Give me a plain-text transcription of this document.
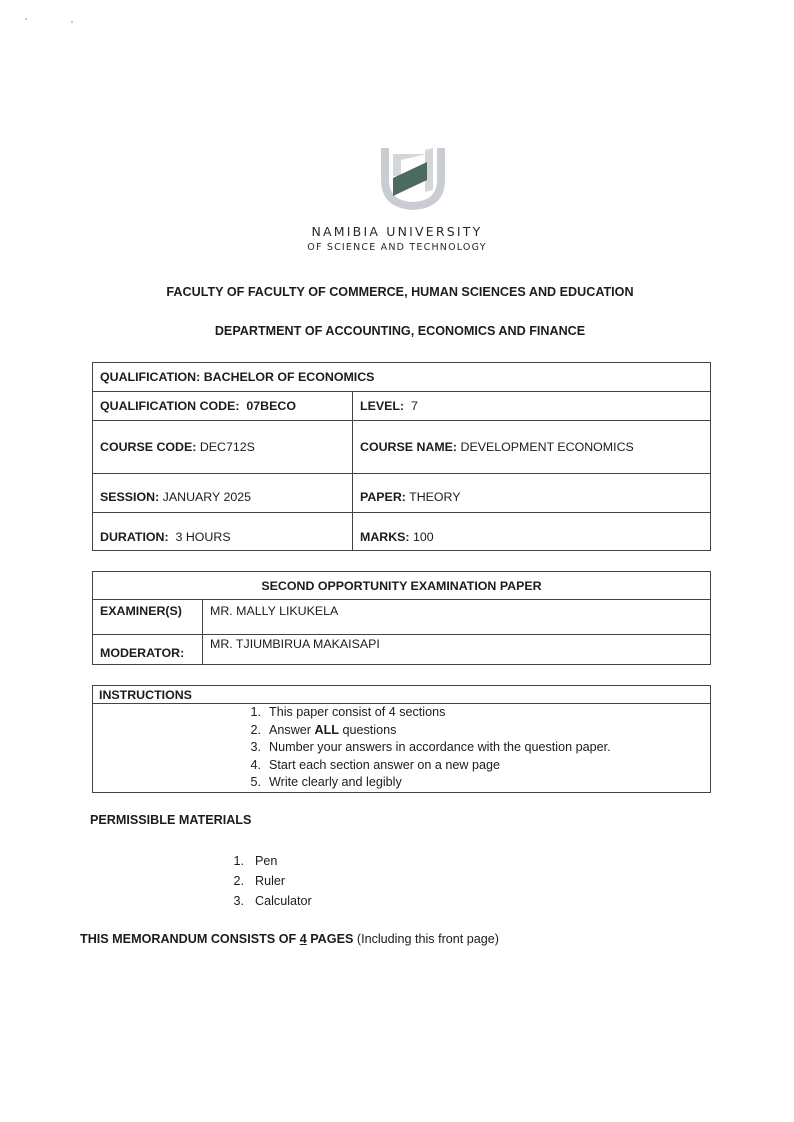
NAMIBIA UNIVERSITY
OF SCIENCE AND TECHNOLOGY
FACULTY OF FACULTY OF COMMERCE, HUMAN SCIENCES AND EDUCATION
DEPARTMENT OF ACCOUNTING, ECONOMICS AND FINANCE
QUALIFICATION: BACHELOR OF ECONOMICS	
QUALIFICATION CODE: 07BECO	LEVEL: 7
COURSE CODE: DEC712S	COURSE NAME: DEVELOPMENT ECONOMICS
SESSION: JANUARY 2025	PAPER: THEORY
DURATION: 3 HOURS	MARKS: 100
SECOND OPPORTUNITY EXAMINATION PAPER	
EXAMINER(S)	MR. MALLY LIKUKELA
MODERATOR:	MR. TJIUMBIRUA MAKAISAPI
INSTRUCTIONS

1. This paper consist of 4 sections
2. Answer ALL questions
3. Number your answers in accordance with the question paper.
4. Start each section answer on a new page
5. Write clearly and legibly
PERMISSIBLE MATERIALS
1. Pen
2. Ruler
3. Calculator
THIS MEMORANDUM CONSISTS OF 4 PAGES (Including this front page)
